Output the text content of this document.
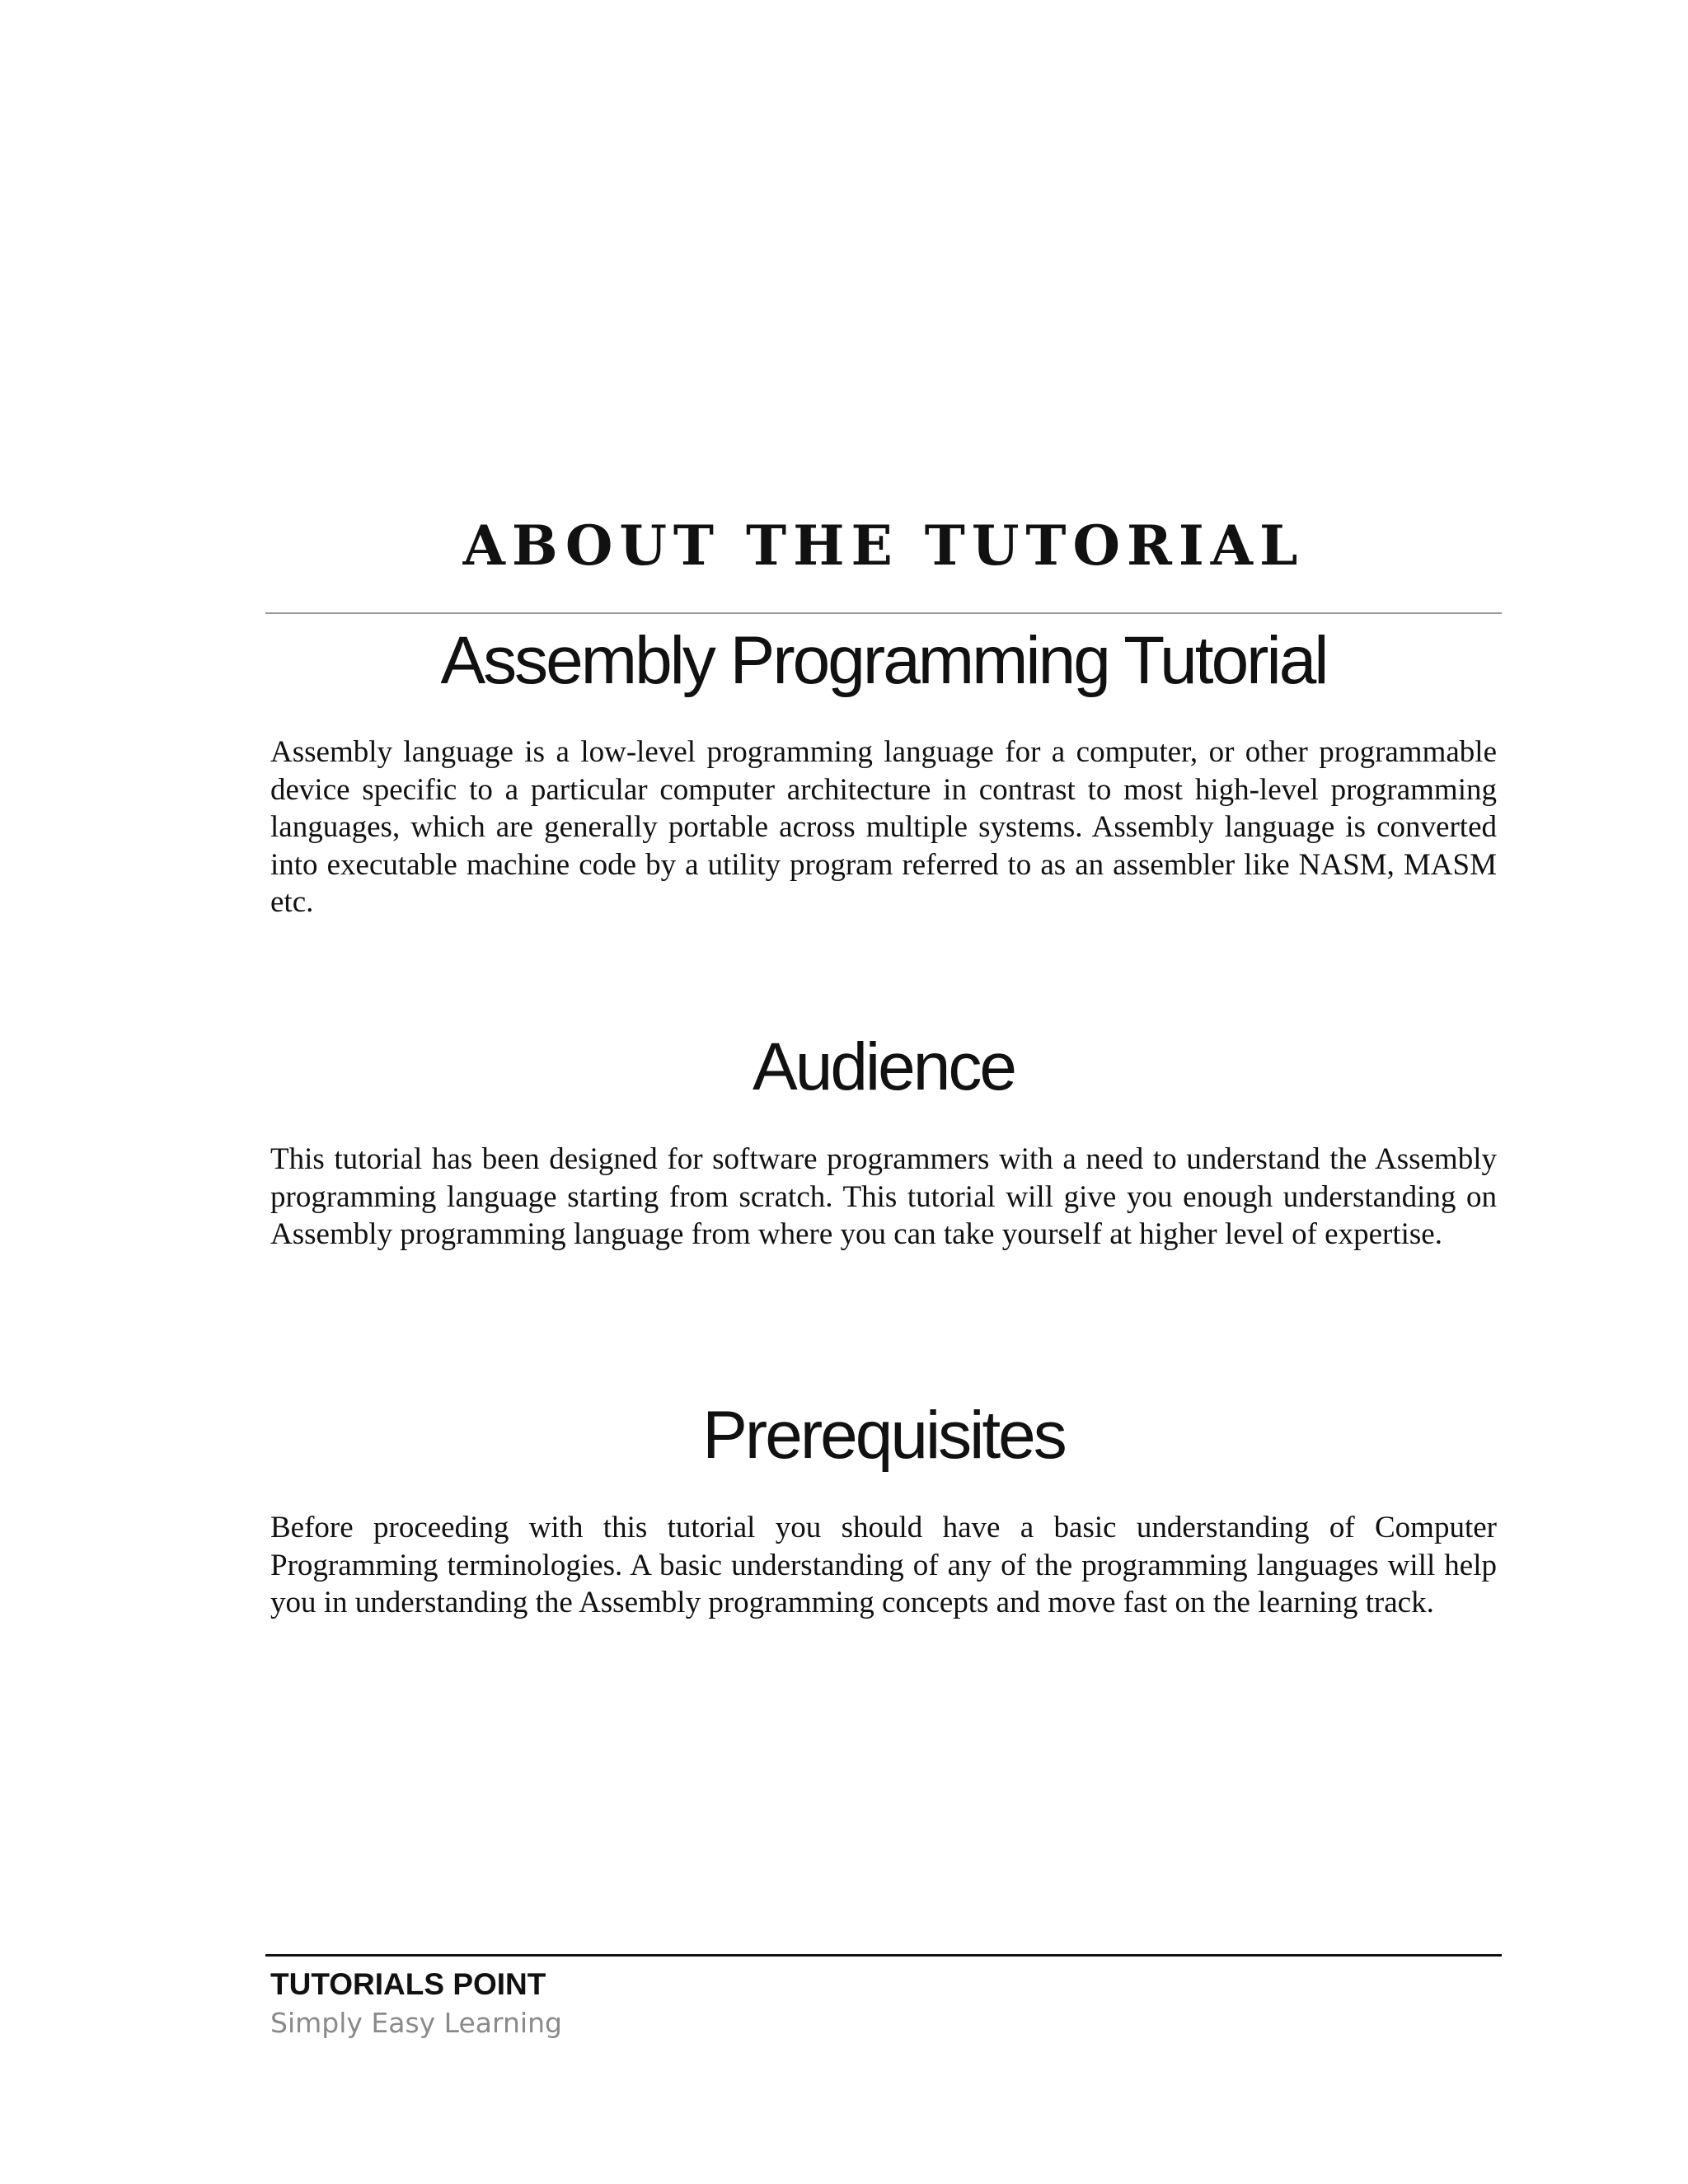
ABOUT THE TUTORIAL
Assembly Programming Tutorial

Assembly language is a low-level programming language for a computer, or other programmable device specific to a particular computer architecture in contrast to most high-level programming languages, which are generally portable across multiple systems. Assembly language is converted into executable machine code by a utility program referred to as an assembler like NASM, MASM etc.

Audience

This tutorial has been designed for software programmers with a need to understand the Assembly programming language starting from scratch. This tutorial will give you enough understanding on Assembly programming language from where you can take yourself at higher level of expertise.

Prerequisites

Before proceeding with this tutorial you should have a basic understanding of Computer Programming terminologies. A basic understanding of any of the programming languages will help you in understanding the Assembly programming concepts and move fast on the learning track.

TUTORIALS POINT
Simply Easy Learning
